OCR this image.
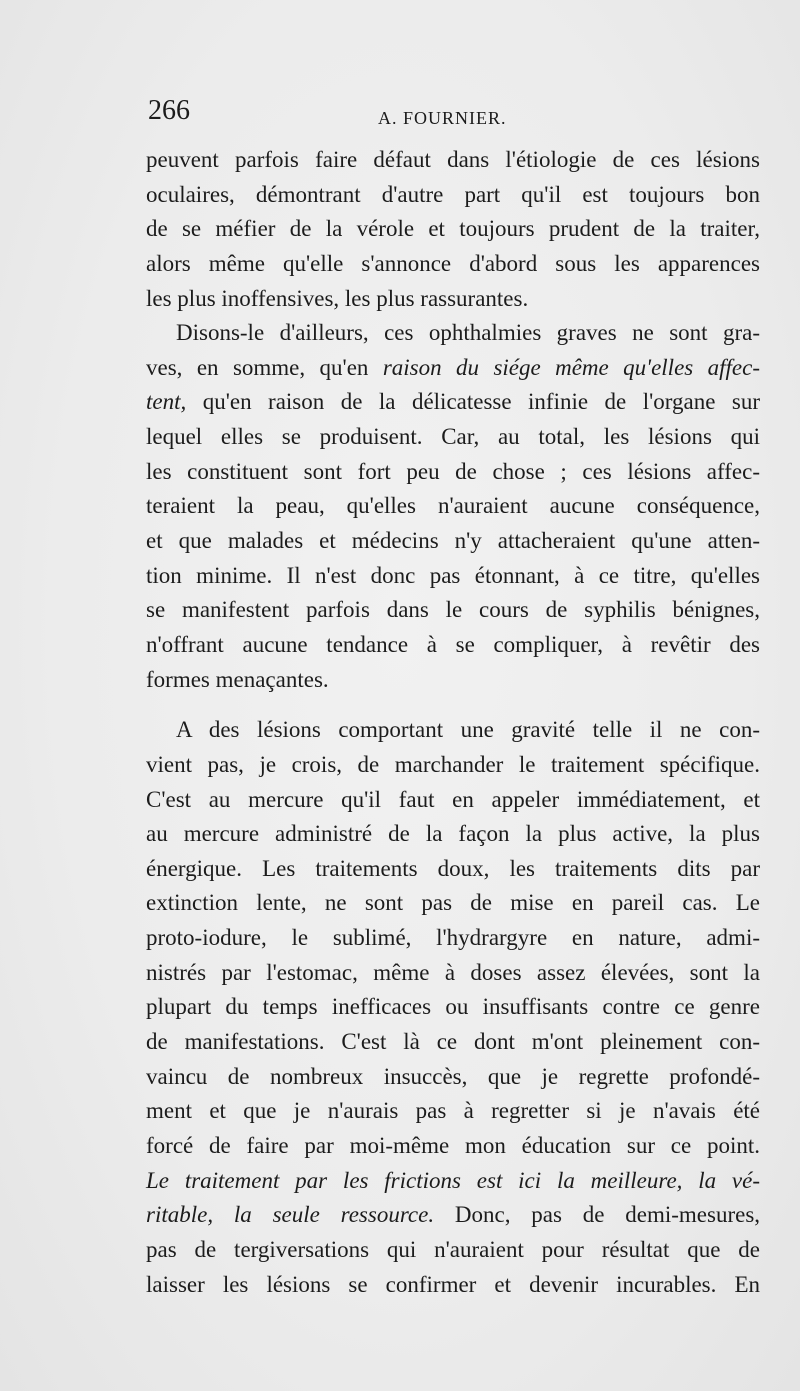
266	A. FOURNIER.
peuvent parfois faire défaut dans l'étiologie de ces lésions
oculaires, démontrant d'autre part qu'il est toujours bon
de se méfier de la vérole et toujours prudent de la traiter,
alors même qu'elle s'annonce d'abord sous les apparences
les plus inoffensives, les plus rassurantes.
Disons-le d'ailleurs, ces ophthalmies graves ne sont gra-
ves, en somme, qu'en raison du siége même qu'elles affec-
tent, qu'en raison de la délicatesse infinie de l'organe sur
lequel elles se produisent. Car, au total, les lésions qui
les constituent sont fort peu de chose ; ces lésions affec-
teraient la peau, qu'elles n'auraient aucune conséquence,
et que malades et médecins n'y attacheraient qu'une atten-
tion minime. Il n'est donc pas étonnant, à ce titre, qu'elles
se manifestent parfois dans le cours de syphilis bénignes,
n'offrant aucune tendance à se compliquer, à revêtir des
formes menaçantes.
A des lésions comportant une gravité telle il ne con-
vient pas, je crois, de marchander le traitement spécifique.
C'est au mercure qu'il faut en appeler immédiatement, et
au mercure administré de la façon la plus active, la plus
énergique. Les traitements doux, les traitements dits par
extinction lente, ne sont pas de mise en pareil cas. Le
proto-iodure, le sublimé, l'hydrargyre en nature, admi-
nistrés par l'estomac, même à doses assez élevées, sont la
plupart du temps inefficaces ou insuffisants contre ce genre
de manifestations. C'est là ce dont m'ont pleinement con-
vaincu de nombreux insuccès, que je regrette profondé-
ment et que je n'aurais pas à regretter si je n'avais été
forcé de faire par moi-même mon éducation sur ce point.
Le traitement par les frictions est ici la meilleure, la vé-
ritable, la seule ressource. Donc, pas de demi-mesures,
pas de tergiversations qui n'auraient pour résultat que de
laisser les lésions se confirmer et devenir incurables. En
